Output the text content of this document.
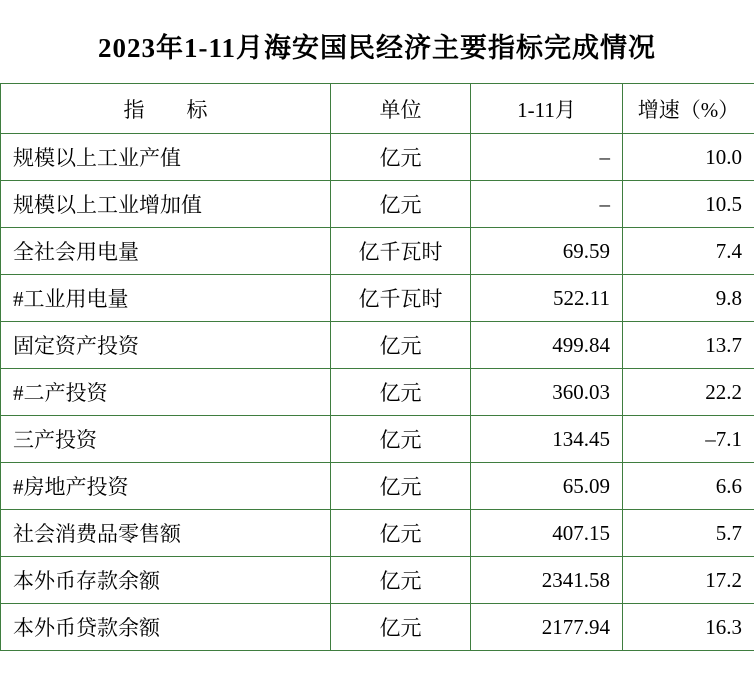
2023年1-11月海安国民经济主要指标完成情况
指　　标	单位	1-11月	增速（%）
规模以上工业产值	亿元	–	10.0
规模以上工业增加值	亿元	–	10.5
全社会用电量	亿千瓦时	69.59	7.4
#工业用电量	亿千瓦时	522.11	9.8
固定资产投资	亿元	499.84	13.7
#二产投资	亿元	360.03	22.2
三产投资	亿元	134.45	–7.1
#房地产投资	亿元	65.09	6.6
社会消费品零售额	亿元	407.15	5.7
本外币存款余额	亿元	2341.58	17.2
本外币贷款余额	亿元	2177.94	16.3
